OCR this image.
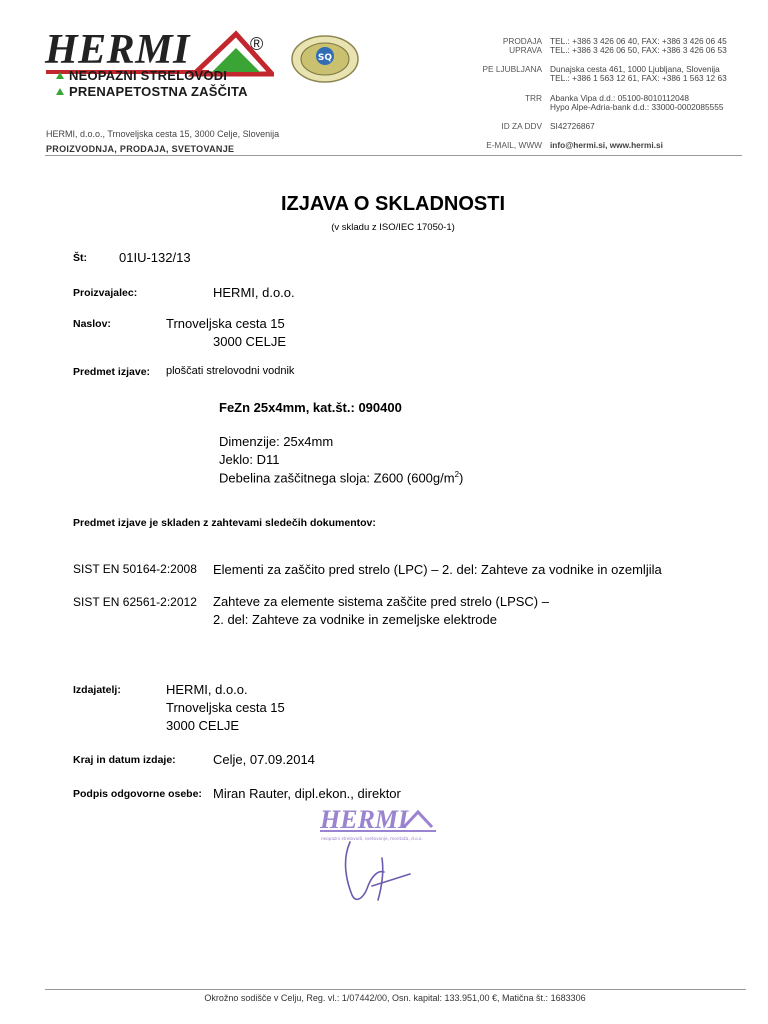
HERMI	®
NEOPAZNI STRELOVODI
PRENAPETOSTNA ZAŠČITA
SQ
PRODAJA TEL.: +386 3 426 06 40, FAX: +386 3 426 06 45
UPRAVA TEL.: +386 3 426 06 50, FAX: +386 3 426 06 53
PE LJUBLJANA Dunajska cesta 461, 1000 Ljubljana, Slovenija
TEL.: +386 1 563 12 61, FAX: +386 1 563 12 63
TRR Abanka Vipa d.d.: 05100-8010112048
Hypo Alpe-Adria-bank d.d.: 33000-0002085555
ID ZA DDV SI42726867
E-MAIL, WWW info@hermi.si, www.hermi.si
HERMI, d.o.o., Trnoveljska cesta 15, 3000 Celje, Slovenija
PROIZVODNJA, PRODAJA, SVETOVANJE
IZJAVA O SKLADNOSTI
(v skladu z ISO/IEC 17050-1)
Št: 01IU-132/13
Proizvajalec:	HERMI, d.o.o.
Naslov:	Trnoveljska cesta 15
3000 CELJE
Predmet izjave: ploščati strelovodni vodnik
FeZn 25x4mm, kat.št.: 090400
Dimenzije: 25x4mm
Jeklo: D11
Debelina zaščitnega sloja: Z600 $(600g/m^2)$
Predmet izjave je skladen z zahtevami sledečih dokumentov:
SIST EN 50164-2:2008 Elementi za zaščito pred strelo (LPC) – 2. del: Zahteve za vodnike in ozemljila
SIST EN 62561-2:2012 Zahteve za elemente sistema zaščite pred strelo (LPSC) –
2. del: Zahteve za vodnike in zemeljske elektrode
Izdajatelj:	HERMI, d.o.o.
Trnoveljska cesta 15
3000 CELJE
Kraj in datum izdaje:	Celje, 07.09.2014
Podpis odgovorne osebe: Miran Rauter, dipl.ekon., direktor
HERMI
neopazni strelovodi, svetovanje, montaža, d.o.o.
Okrožno sodišče v Celju, Reg. vl.: 1/07442/00, Osn. kapital: 133.951,00 €, Matična št.: 1683306
